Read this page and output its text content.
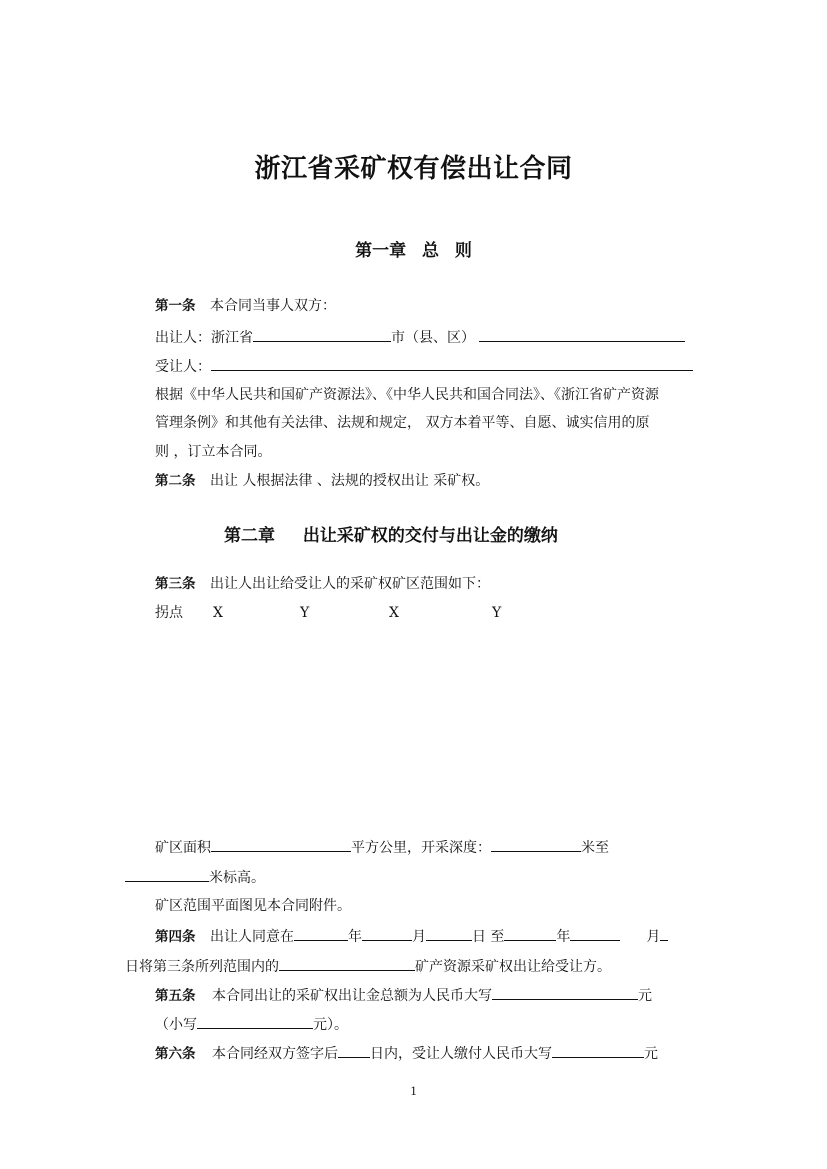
浙江省采矿权有偿出让合同
第一章 总 则
第一条 本合同当事人双方：
出让人：浙江省	市（县、区）
受让人：
根据《中华人民共和国矿产资源法》、《中华人民共和国合同法》、《浙江省矿产资源
管理条例》和其他有关法律、法规和规定， 双方本着平等、自愿、诚实信用的原
则 ，订立本合同。
第二条 出让 人根据法律 、法规的授权出让 采矿权。
第二章 出让采矿权的交付与出让金的缴纳
第三条 出让人出让给受让人的采矿权矿区范围如下：
拐点 X	Y	X	Y
矿区面积	平方公里，开采深度：	米至
米标高。
矿区范围平面图见本合同附件。
第四条 出让人同意在	年	月	日 至	年	月
日将第三条所列范围内的	矿产资源采矿权出让给受让方。
第五条 本合同出让的采矿权出让金总额为人民币大写	元
（小写	元）。
第六条 本合同经双方签字后 日内，受让人缴付人民币大写	元
1
